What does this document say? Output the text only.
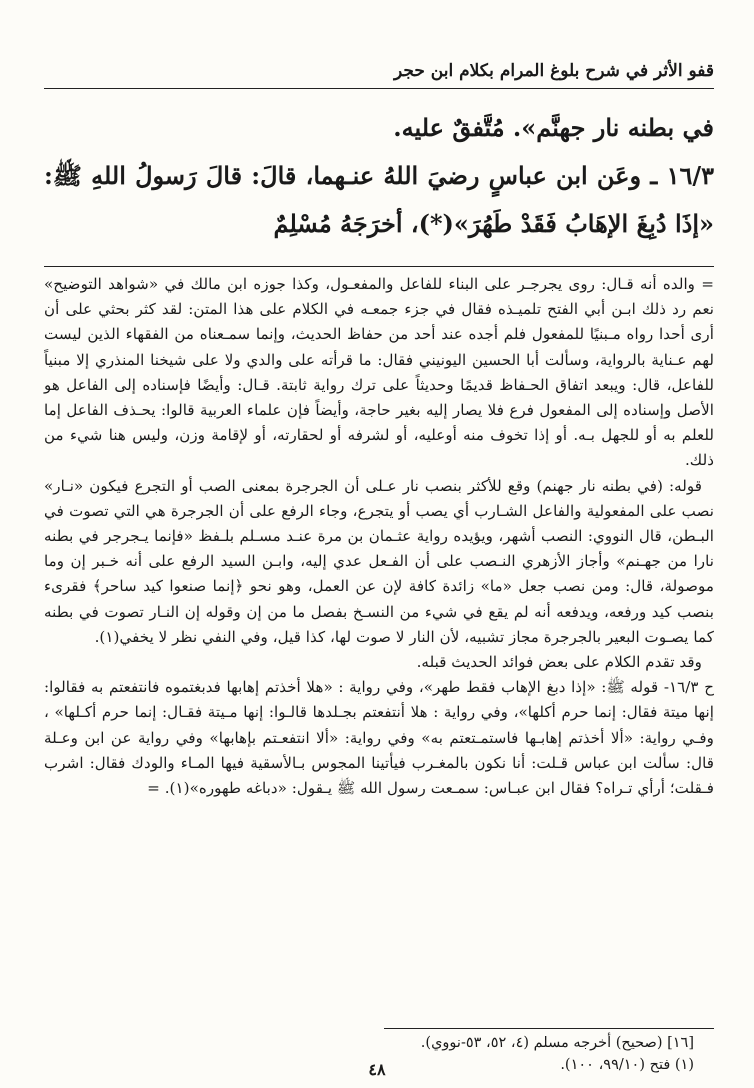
قفو الأثر في شرح بلوغ المرام بكلام ابن حجر

في بطنه نار جهنَّم». مُتَّفقٌ عليه.

١٦/٣ ـ وعَن ابن عباسٍ رضيَ اللهُ عنـهما، قالَ: قالَ رَسولُ اللهِ ﷺ: «إذَا دُبِغَ الإهَابُ فَقَدْ طَهُرَ»(*)، أخرَجَهُ مُسْلِمٌ

= والده أنه قـال: روى يجرجـر على البناء للفاعل والمفعـول، وكذا جوزه ابن مالك في «شواهد التوضيح» نعم رد ذلك ابـن أبي الفتح تلميـذه فقال في جزء جمعـه في الكلام على هذا المتن: لقد كثر بحثي على أن أرى أحدا رواه مـبنيًا للمفعول فلم أجده عند أحد من حفاظ الحديث، وإنما سمـعناه من الفقهاء الذين ليست لهم عـناية بالرواية، وسألت أبا الحسين اليونيني فقال: ما قرأته على والدي ولا على شيخنا المنذري إلا مبنياً للفاعل، قال: ويبعد اتفاق الحـفاظ قديمًا وحديثاً على ترك رواية ثابتة. قـال: وأيضًا فإسناده إلى الفاعل هو الأصل وإسناده إلى المفعول فرع فلا يصار إليه بغير حاجة، وأيضاً فإن علماء العربية قالوا: يحـذف الفاعل إما للعلم به أو للجهل بـه. أو إذا تخوف منه أوعليه، أو لشرفه أو لحقارته، أو لإقامة وزن، وليس هنا شيء من ذلك.

قوله: (في بطنه نار جهنم) وقع للأكثر بنصب نار عـلى أن الجرجرة بمعنى الصب أو التجرع فيكون «نـار» نصب على المفعولية والفاعل الشـارب أي يصب أو يتجرع، وجاء الرفع على أن الجرجرة هي التي تصوت في البـطن، قال النووي: النصب أشهر، ويؤيده رواية عثـمان بن مرة عنـد مسـلم بلـفظ «فإنما يـجرجر في بطنه نارا من جهـنم» وأجاز الأزهري النـصب على أن الفـعل عدي إليه، وابـن السيد الرفع على أنه خـبر إن وما موصولة، قال: ومن نصب جعل «ما» زائدة كافة لإن عن العمل، وهو نحو ﴿إنما صنعوا كيد ساحر﴾ فقرىء بنصب كيد ورفعه، ويدفعه أنه لم يقع في شيء من النسـخ بفصل ما من إن وقوله إن النـار تصوت في بطنه كما يصـوت البعير بالجرجرة مجاز تشبيه، لأن النار لا صوت لها، كذا قيل، وفي النفي نظر لا يخفي(١).

وقد تقدم الكلام على بعض فوائد الحديث قبله.

ح ١٦/٣- قوله ﷺ: «إذا دبغ الإهاب فقط طهر»، وفي رواية : «هلا أخذتم إهابها فدبغتموه فانتفعتم به فقالوا: إنها ميتة فقال: إنما حرم أكلها»، وفي رواية : هلا أنتفعتم بجـلدها قالـوا: إنها مـيتة فقـال: إنما حرم أكـلها» ، وفـي رواية: «ألا أخذتم إهابـها فاستمـتعتم به» وفي رواية: «ألا انتفعـتم بإهابها» وفي رواية عن ابن وعـلة قال: سألت ابن عباس قـلت: أنا نكون بالمغـرب فيأتينا المجوس بـالأسقية فيها المـاء والودك فقال: اشرب فـقلت؛ أرأي تـراه؟ فقال ابن عبـاس: سمـعت رسول الله ﷺ يـقول: «دباغه طهوره»(١). =

[١٦] (صحيح) أخرجه مسلم (٤، ٥٢، ٥٣-نووي).

(١) فتح (٩٩/١٠، ١٠٠).

٤٨
